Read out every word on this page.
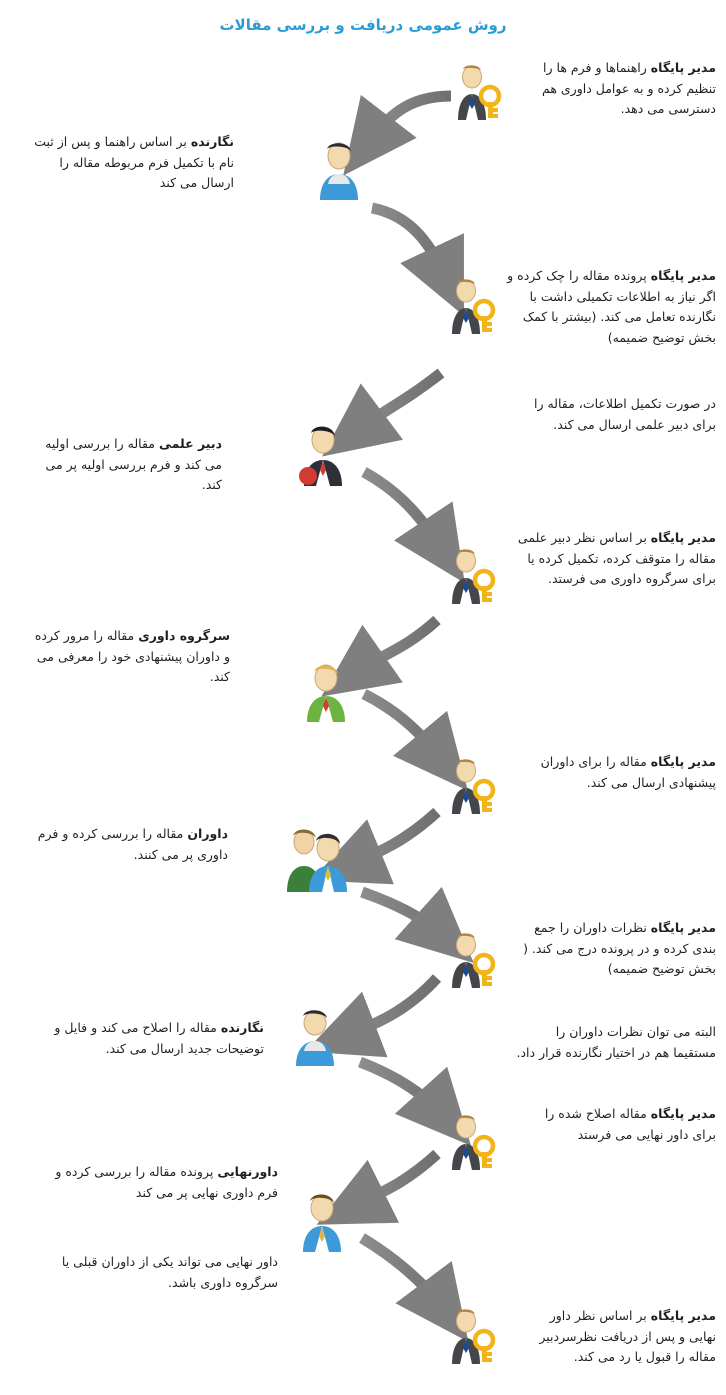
روش عمومی دریافت و بررسی مقالات
مدیر پایگاه راهنماها و فرم ها را تنظیم کرده و به عوامل داوری هم دسترسی می دهد.
نگارنده بر اساس راهنما و پس از ثبت نام با تکمیل فرم مربوطه مقاله را ارسال می کند
مدیر پایگاه پرونده مقاله را چک کرده و اگر نیاز به اطلاعات تکمیلی داشت با نگارنده تعامل می کند. (بیشتر با کمک بخش توضیح ضمیمه)
در صورت تکمیل اطلاعات، مقاله را برای دبیر علمی ارسال می کند.
دبیر علمی مقاله را بررسی اولیه می کند و فرم بررسی اولیه پر می کند.
مدیر پایگاه بر اساس نظر دبیر علمی مقاله را متوقف کرده، تکمیل کرده یا برای سرگروه داوری می فرستد.
سرگروه داوری مقاله را مرور کرده و داوران پیشنهادی خود را معرفی می کند.
مدیر پایگاه مقاله را برای داوران پیشنهادی ارسال می کند.
داوران مقاله را بررسی کرده و فرم داوری پر می کنند.
مدیر پایگاه نظرات داوران را جمع بندی کرده و در پرونده درج می کند. ( بخش توضیح ضمیمه)
البته می توان نظرات داوران را مستقیما هم در اختیار نگارنده قرار داد.
نگارنده مقاله را اصلاح می کند و فایل و توضیحات جدید ارسال می کند.
مدیر پایگاه مقاله اصلاح شده را برای داور نهایی می فرستد
داورنهایی پرونده مقاله را بررسی کرده و فرم داوری نهایی پر می کند
داور نهایی می تواند یکی از داوران قبلی یا سرگروه داوری باشد.
مدیر پایگاه بر اساس نظر داور نهایی و پس از دریافت نظرسردبیر مقاله را قبول یا رد می کند.
